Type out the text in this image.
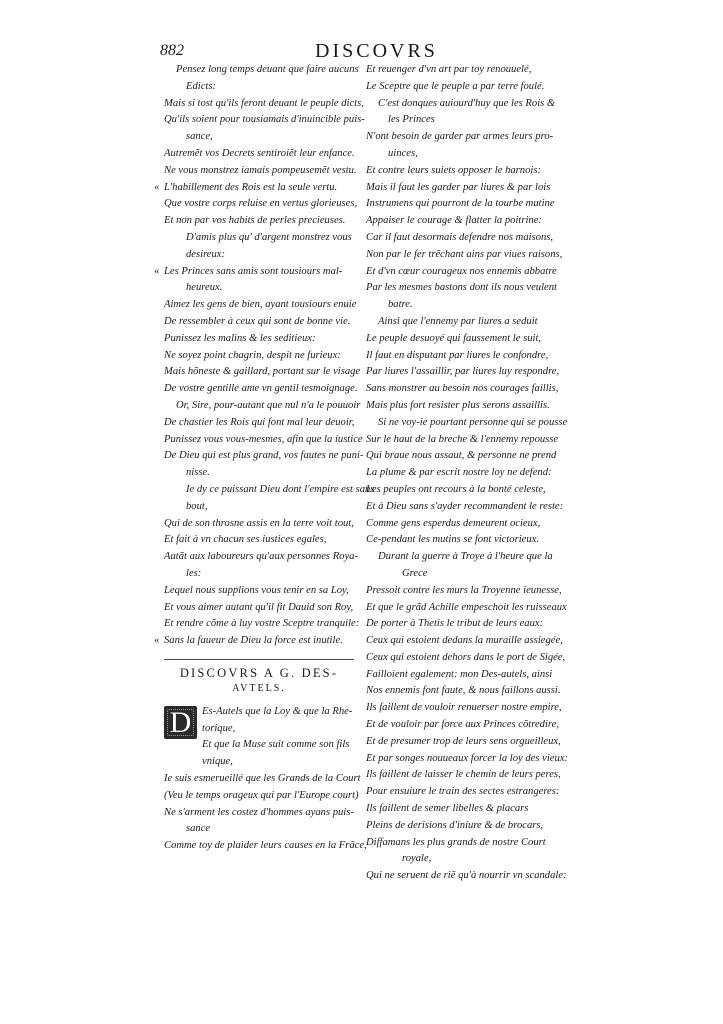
882	DISCOVRS
Pensez long temps deuant que faire aucuns
Edicts:
Mais si tost qu'ils feront deuant le peuple dicts,
Qu'ils soient pour tousiamais d'inuincible puis-
sance,
Autremẽt vos Decrets sentiroiẽt leur enfance.
Ne vous monstrez iamais pompeusemẽt vestu.
« L'habillement des Rois est la seule vertu.
Que vostre corps reluise en vertus glorieuses,
Et non par vos habits de perles precieuses.
D'amis plus qu' d'argent monstrez vous
desireux:
« Les Princes sans amis sont tousiours mal-
heureux.
Aimez les gens de bien, ayant tousiours enuie
De ressembler à ceux qui sont de bonne vie.
Punissez les malins & les seditieux:
Ne soyez point chagrin, despit ne furieux:
Mais hõneste & gaillard, portant sur le visage
De vostre gentille ame vn gentil tesmoignage.
Or, Sire, pour-autant que nul n'a le pouuoir
De chastier les Rois qui font mal leur deuoir,
Punissez vous vous-mesmes, afin que la iustice
De Dieu qui est plus grand, vos fautes ne puni-
nisse.
Ie dy ce puissant Dieu dont l'empire est sans
bout,
Qui de son throsne assis en la terre voit tout,
Et fait à vn chacun ses iustices egales,
Autãt aux laboureurs qu'aux personnes Roya-
les:
Lequel nous supplions vous tenir en sa Loy,
Et vous aimer autant qu'il fit Dauid son Roy,
Et rendre cõme à luy vostre Sceptre tranquile:
« Sans la faueur de Dieu la force est inutile.
DISCOVRS A G. DES-
AVTELS.
D	Es-Autels que la Loy & que la Rhe-
torique,
Et que la Muse suit comme son fils
vnique,
Ie suis esmerueillé que les Grands de la Court
(Veu le temps orageux qui par l'Europe court)
Ne s'arment les costez d'hommes ayans puis-
sance
Comme toy de plaider leurs causes en la Frãce,
Et reuenger d'vn art par toy renouuelé,
Le Sceptre que le peuple a par terre foulé.
C'est donques auiourd'huy que les Rois &
les Princes
N'ont besoin de garder par armes leurs pro-
uinces,
Et contre leurs suiets opposer le harnois:
Mais il faut les garder par liures & par lois
Instrumens qui pourront de la tourbe mutine
Appaiser le courage & flatter la poitrine:
Car il faut desormais defendre nos maisons,
Non par le fer trẽchant ains par viues raisons,
Et d'vn cœur courageux nos ennemis abbatre
Par les mesmes bastons dont ils nous veulent
batre.
Ainsi que l'ennemy par liures a seduit
Le peuple desuoyé qui faussement le suit,
Il faut en disputant par liures le confondre,
Par liures l'assaillir, par liures luy respondre,
Sans monstrer au besoin nos courages faillis,
Mais plus fort resister plus serons assaillis.
Si ne voy-ie pourtant personne qui se pousse
Sur le haut de la breche & l'ennemy repousse
Qui braue nous assaut, & personne ne prend
La plume & par escrit nostre loy ne defend:
Les peuples ont recours à la bonté celeste,
Et à Dieu sans s'ayder recommandent le reste:
Comme gens esperdus demeurent ocieux,
Ce-pendant les mutins se font victorieux.
Durant la guerre à Troye à l'heure que la
Grece
Pressoit contre les murs la Troyenne ieunesse,
Et que le grãd Achille empeschoit les ruisseaux
De porter à Thetis le tribut de leurs eaux:
Ceux qui estoient dedans la muraille assiegée,
Ceux qui estoient dehors dans le port de Sigée,
Failloient egalement: mon Des-autels, ainsi
Nos ennemis font faute, & nous faillons aussi.
Ils faillent de vouloir renuerser nostre empire,
Et de vouloir par force aux Princes cõtredire,
Et de presumer trop de leurs sens orgueilleux,
Et par songes nouueaux forcer la loy des vieux:
Ils faillent de laisser le chemin de leurs peres,
Pour ensuiure le train des sectes estrangeres:
Ils faillent de semer libelles & placars
Pleins de derisions d'iniure & de brocars,
Diffamans les plus grands de nostre Court
royale,
Qui ne seruent de riẽ qu'à nourrir vn scandale:
